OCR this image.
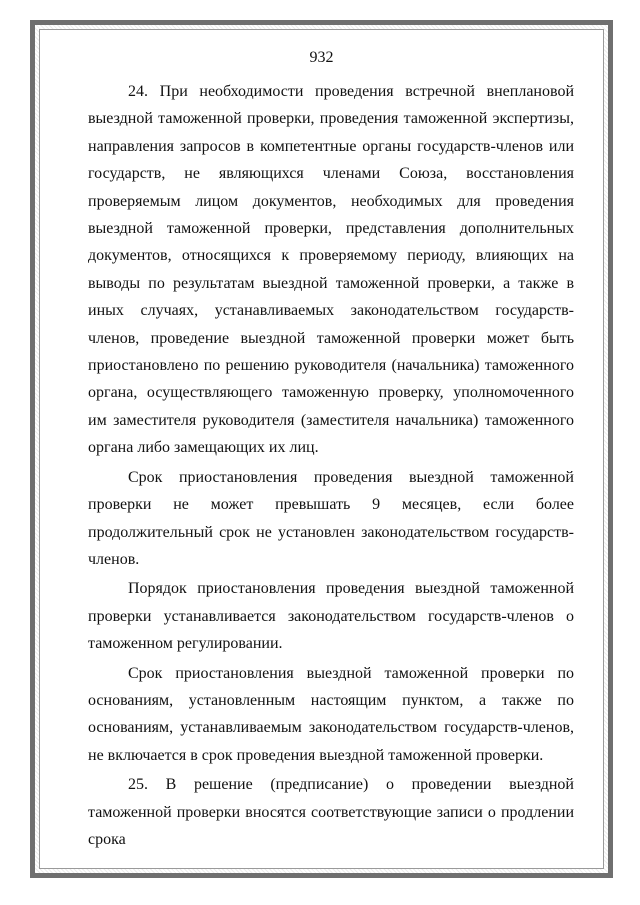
932

24. При необходимости проведения встречной внеплановой выездной таможенной проверки, проведения таможенной экспертизы, направления запросов в компетентные органы государств-членов или государств, не являющихся членами Союза, восстановления проверяемым лицом документов, необходимых для проведения выездной таможенной проверки, представления дополнительных документов, относящихся к проверяемому периоду, влияющих на выводы по результатам выездной таможенной проверки, а также в иных случаях, устанавливаемых законодательством государств-членов, проведение выездной таможенной проверки может быть приостановлено по решению руководителя (начальника) таможенного органа, осуществляющего таможенную проверку, уполномоченного им заместителя руководителя (заместителя начальника) таможенного органа либо замещающих их лиц.

Срок приостановления проведения выездной таможенной проверки не может превышать 9 месяцев, если более продолжительный срок не установлен законодательством государств-членов.

Порядок приостановления проведения выездной таможенной проверки устанавливается законодательством государств-членов о таможенном регулировании.

Срок приостановления выездной таможенной проверки по основаниям, установленным настоящим пунктом, а также по основаниям, устанавливаемым законодательством государств-членов, не включается в срок проведения выездной таможенной проверки.

25. В решение (предписание) о проведении выездной таможенной проверки вносятся соответствующие записи о продлении срока
